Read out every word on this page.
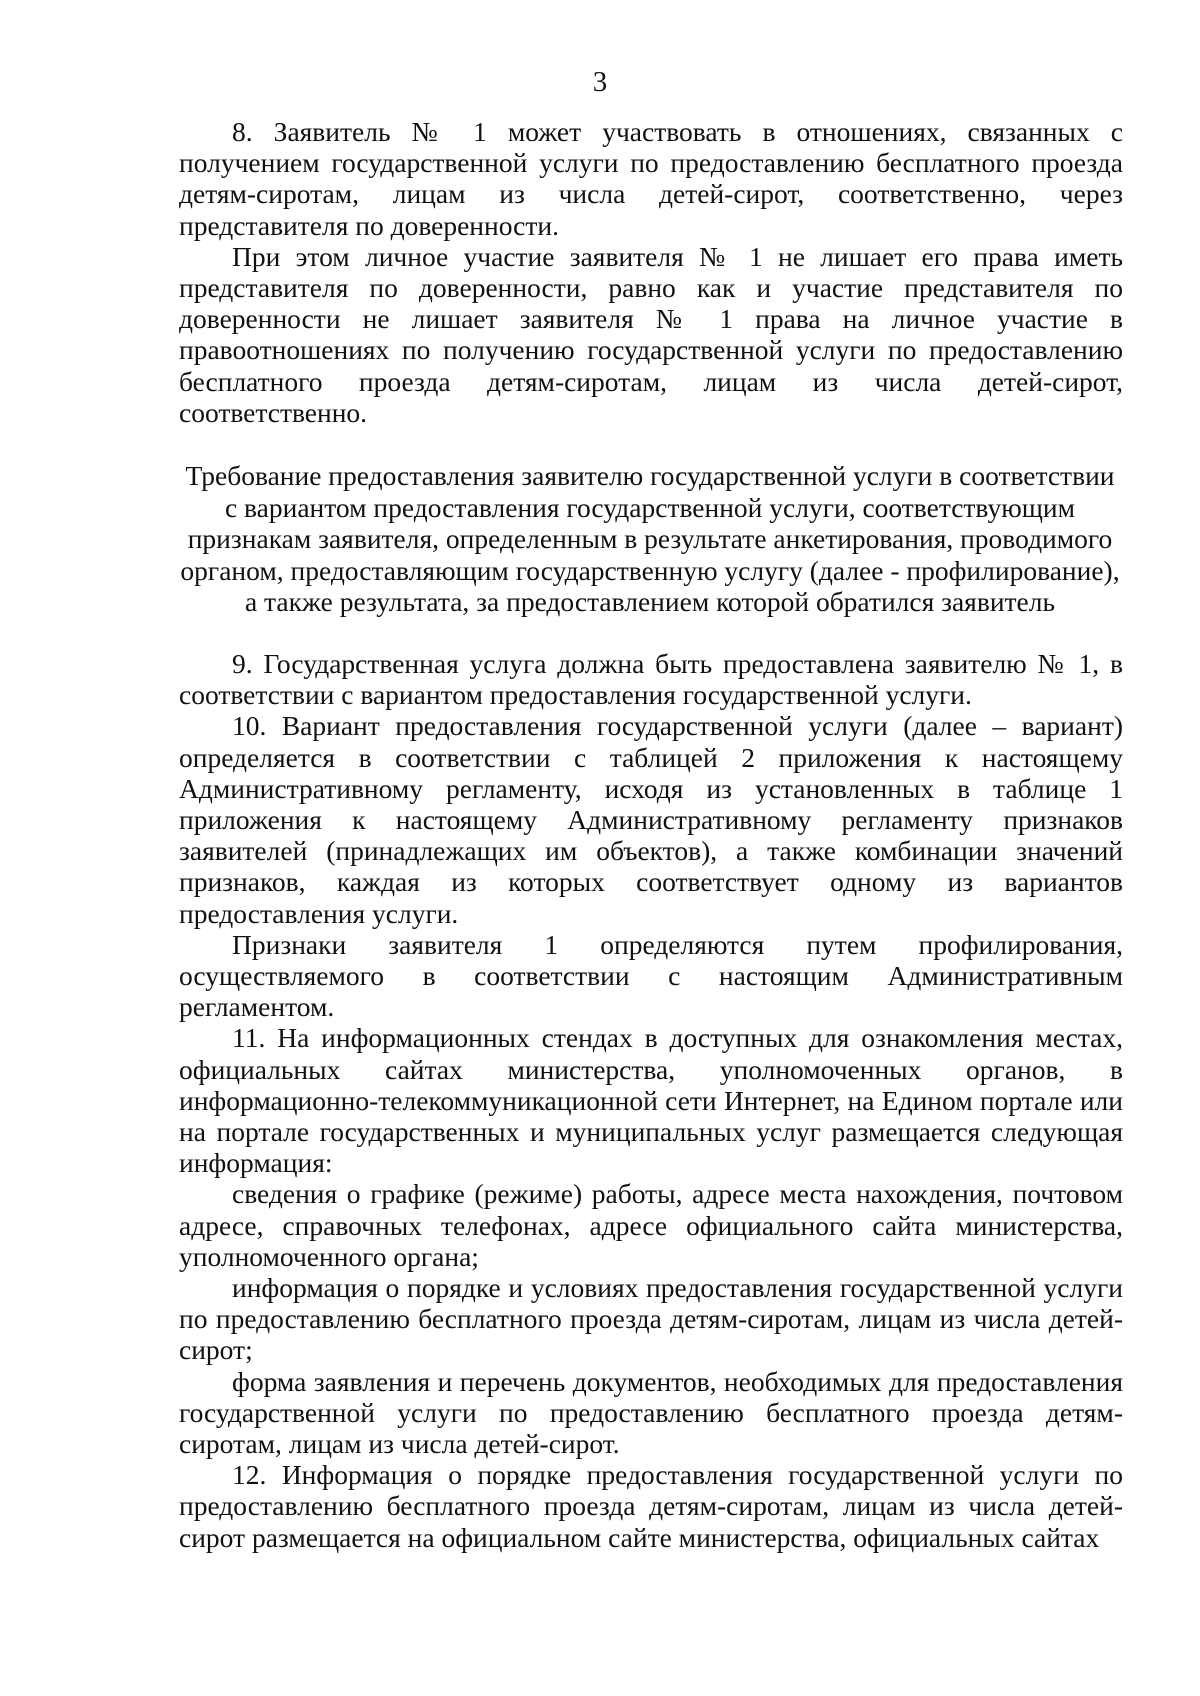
3

8. Заявитель № 1 может участвовать в отношениях, связанных с получением государственной услуги по предоставлению бесплатного проезда детям-сиротам, лицам из числа детей-сирот, соответственно, через представителя по доверенности.

При этом личное участие заявителя № 1 не лишает его права иметь представителя по доверенности, равно как и участие представителя по доверенности не лишает заявителя № 1 права на личное участие в правоотношениях по получению государственной услуги по предоставлению бесплатного проезда детям-сиротам, лицам из числа детей-сирот, соответственно.

Требование предоставления заявителю государственной услуги в соответствии
с вариантом предоставления государственной услуги, соответствующим
признакам заявителя, определенным в результате анкетирования, проводимого
органом, предоставляющим государственную услугу (далее - профилирование),
а также результата, за предоставлением которой обратился заявитель

9. Государственная услуга должна быть предоставлена заявителю № 1, в соответствии с вариантом предоставления государственной услуги.

10. Вариант предоставления государственной услуги (далее – вариант) определяется в соответствии с таблицей 2 приложения к настоящему Административному регламенту, исходя из установленных в таблице 1 приложения к настоящему Административному регламенту признаков заявителей (принадлежащих им объектов), а также комбинации значений признаков, каждая из которых соответствует одному из вариантов предоставления услуги.

Признаки заявителя 1 определяются путем профилирования, осуществляемого в соответствии с настоящим Административным регламентом.

11. На информационных стендах в доступных для ознакомления местах, официальных сайтах министерства, уполномоченных органов, в информационно-телекоммуникационной сети Интернет, на Едином портале или на портале государственных и муниципальных услуг размещается следующая информация:

сведения о графике (режиме) работы, адресе места нахождения, почтовом адресе, справочных телефонах, адресе официального сайта министерства, уполномоченного органа;

информация о порядке и условиях предоставления государственной услуги по предоставлению бесплатного проезда детям-сиротам, лицам из числа детей-сирот;

форма заявления и перечень документов, необходимых для предоставления государственной услуги по предоставлению бесплатного проезда детям-сиротам, лицам из числа детей-сирот.

12. Информация о порядке предоставления государственной услуги по предоставлению бесплатного проезда детям-сиротам, лицам из числа детей-сирот размещается на официальном сайте министерства, официальных сайтах
